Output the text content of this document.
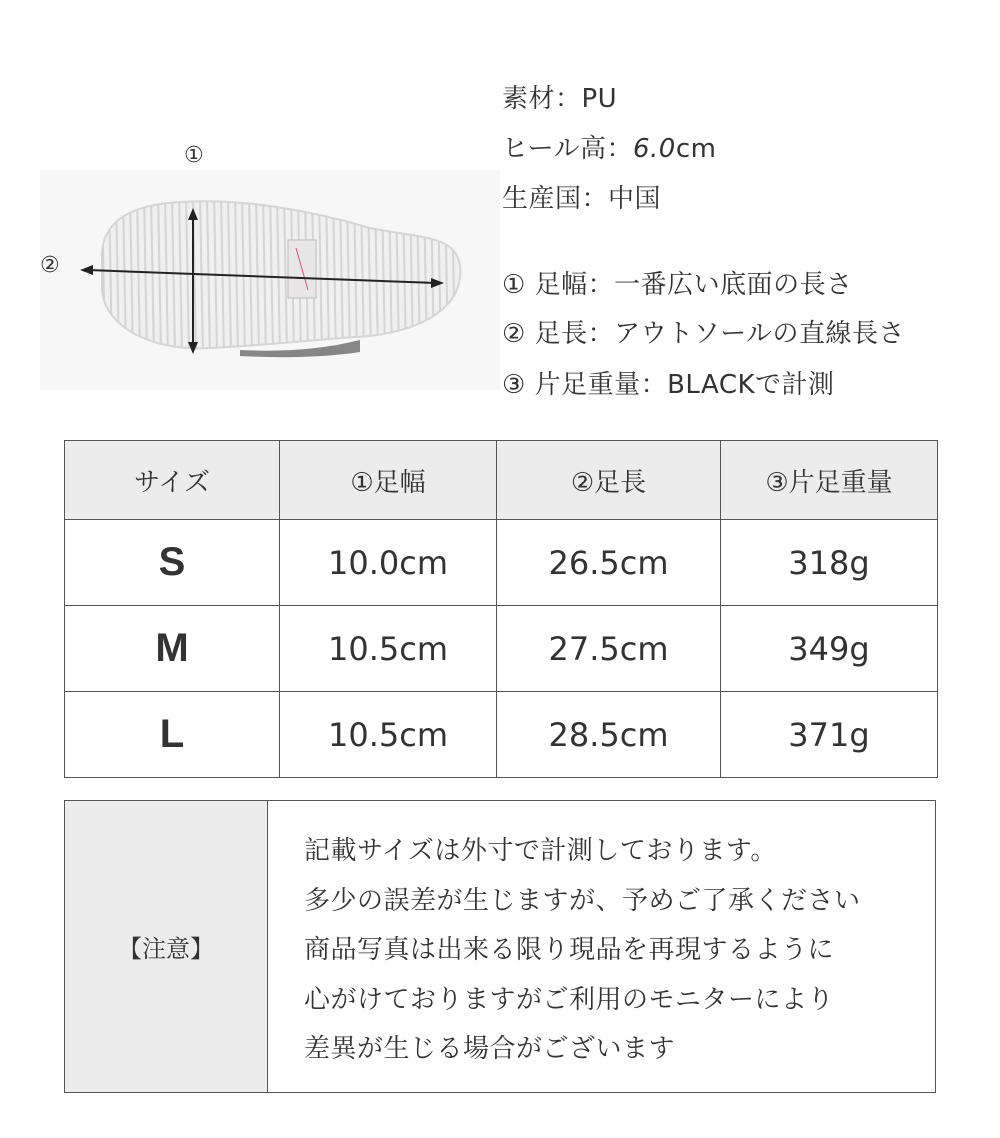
①
②
素材：PU
ヒール高：6.0cm
生産国：中国
① 足幅：一番広い底面の長さ
② 足長：アウトソールの直線長さ
③ 片足重量：BLACKで計測
サイズ	①足幅	②足長	③片足重量
S	10.0cm	26.5cm	318g
M	10.5cm	27.5cm	349g
L	10.5cm	28.5cm	371g
【注意】
記載サイズは外寸で計測しております。
多少の誤差が生じますが、予めご了承ください
商品写真は出来る限り現品を再現するように
心がけておりますがご利用のモニターにより
差異が生じる場合がございます
